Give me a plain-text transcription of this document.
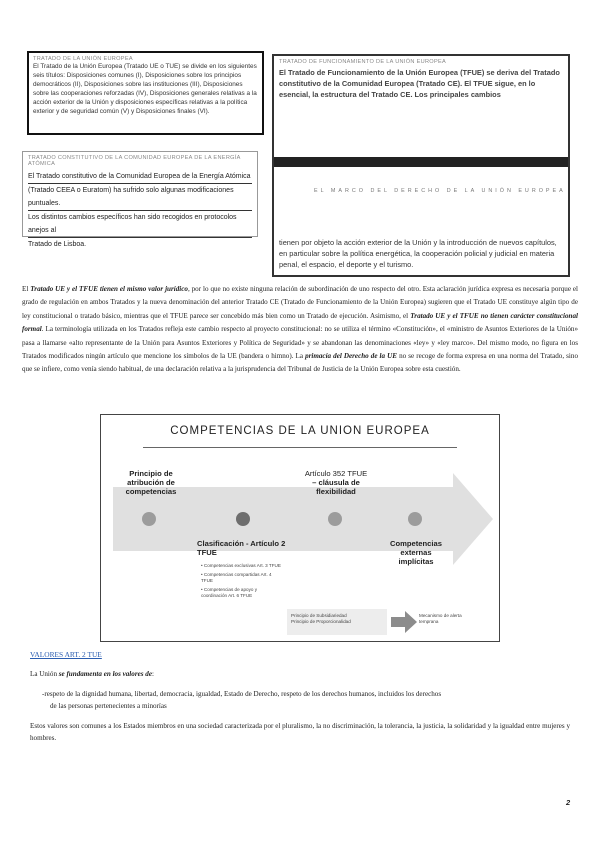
TRATADO DE LA UNIÓN EUROPEA
El Tratado de la Unión Europea (Tratado UE o TUE) se divide en los siguientes seis títulos: Disposiciones comunes (I), Disposiciones sobre los principios democráticos (II), Disposiciones sobre las instituciones (III), Disposiciones sobre las cooperaciones reforzadas (IV), Disposiciones generales relativas a la acción exterior de la Unión y disposiciones específicas relativas a la política exterior y de seguridad común (V) y Disposiciones finales (VI).
TRATADO CONSTITUTIVO DE LA COMUNIDAD EUROPEA DE LA ENERGÍA ATÓMICA
El Tratado constitutivo de la Comunidad Europea de la Energía Atómica
(Tratado CEEA o Euratom) ha sufrido solo algunas modificaciones puntuales.
Los distintos cambios específicos han sido recogidos en protocolos anejos al
Tratado de Lisboa.
TRATADO DE FUNCIONAMIENTO DE LA UNIÓN EUROPEA
El Tratado de Funcionamiento de la Unión Europea (TFUE) se deriva del Tratado constitutivo de la Comunidad Europea (Tratado CE). El TFUE sigue, en lo esencial, la estructura del Tratado CE. Los principales cambios
EL MARCO DEL DERECHO DE LA UNIÓN EUROPEA
tienen por objeto la acción exterior de la Unión y la introducción de nuevos capítulos, en particular sobre la política energética, la cooperación policial y judicial en materia penal, el espacio, el deporte y el turismo.
El Tratado UE y el TFUE tienen el mismo valor jurídico, por lo que no existe ninguna relación de subordinación de uno respecto del otro. Esta aclaración jurídica expresa es necesaria porque el grado de regulación en ambos Tratados y la nueva denominación del anterior Tratado CE (Tratado de Funcionamiento de la Unión Europea) sugieren que el Tratado UE constituye algún tipo de ley constitucional o tratado básico, mientras que el TFUE parece ser concebido más bien como un Tratado de ejecución. Asimismo, el Tratado UE y el TFUE no tienen carácter constitucional formal. La terminología utilizada en los Tratados refleja este cambio respecto al proyecto constitucional: no se utiliza el término «Constitución», el «ministro de Asuntos Exteriores de la Unión» pasa a llamarse «alto representante de la Unión para Asuntos Exteriores y Política de Seguridad» y se abandonan las denominaciones «ley» y «ley marco». Del mismo modo, no figura en los Tratados modificados ningún artículo que mencione los símbolos de la UE (bandera o himno). La primacía del Derecho de la UE no se recoge de forma expresa en una norma del Tratado, sino que se infiere, como venía siendo habitual, de una declaración relativa a la jurisprudencia del Tribunal de Justicia de la Unión Europea sobre esta cuestión.
COMPETENCIAS DE LA UNION EUROPEA
Principio de
atribución de
competencias
Artículo 352 TFUE
– cláusula de
flexibilidad
Clasificación - Artículo 2
TFUE
Competencias
externas
implícitas
• Competencias exclusivas Art. 3 TFUE
• Competencias compartidas Art. 4 TFUE
• Competencias de apoyo y coordinación Art. 6 TFUE
Principio de Subsidiariedad
Principio de Proporcionalidad
Mecanismo de alerta
temprana
VALORES ART. 2 TUE
La Unión se fundamenta en los valores de:
-respeto de la dignidad humana, libertad, democracia, igualdad, Estado de Derecho, respeto de los derechos humanos, incluidos los derechos
de las personas pertenecientes a minorías
Estos valores son comunes a los Estados miembros en una sociedad caracterizada por el pluralismo, la no discriminación, la tolerancia, la justicia, la solidaridad y la igualdad entre mujeres y hombres.
2
